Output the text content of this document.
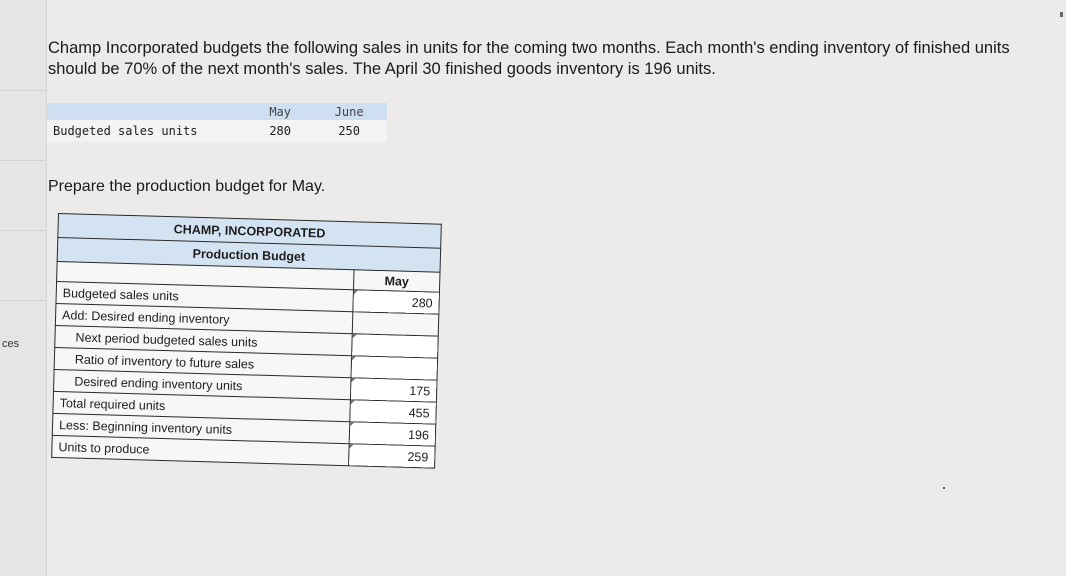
ces

Champ Incorporated budgets the following sales in units for the coming two months. Each month's ending inventory of finished units

should be 70% of the next month's sales. The April 30 finished goods inventory is 196 units.

	May	June
Budgeted sales units	280	250
Prepare the production budget for May.
CHAMP, INCORPORATED	
Production Budget	
	May
Budgeted sales units	280
Add: Desired ending inventory	
Next period budgeted sales units	

Ratio of inventory to future sales	

Desired ending inventory units	175
Total required units	455
Less: Beginning inventory units	196
Units to produce	259
